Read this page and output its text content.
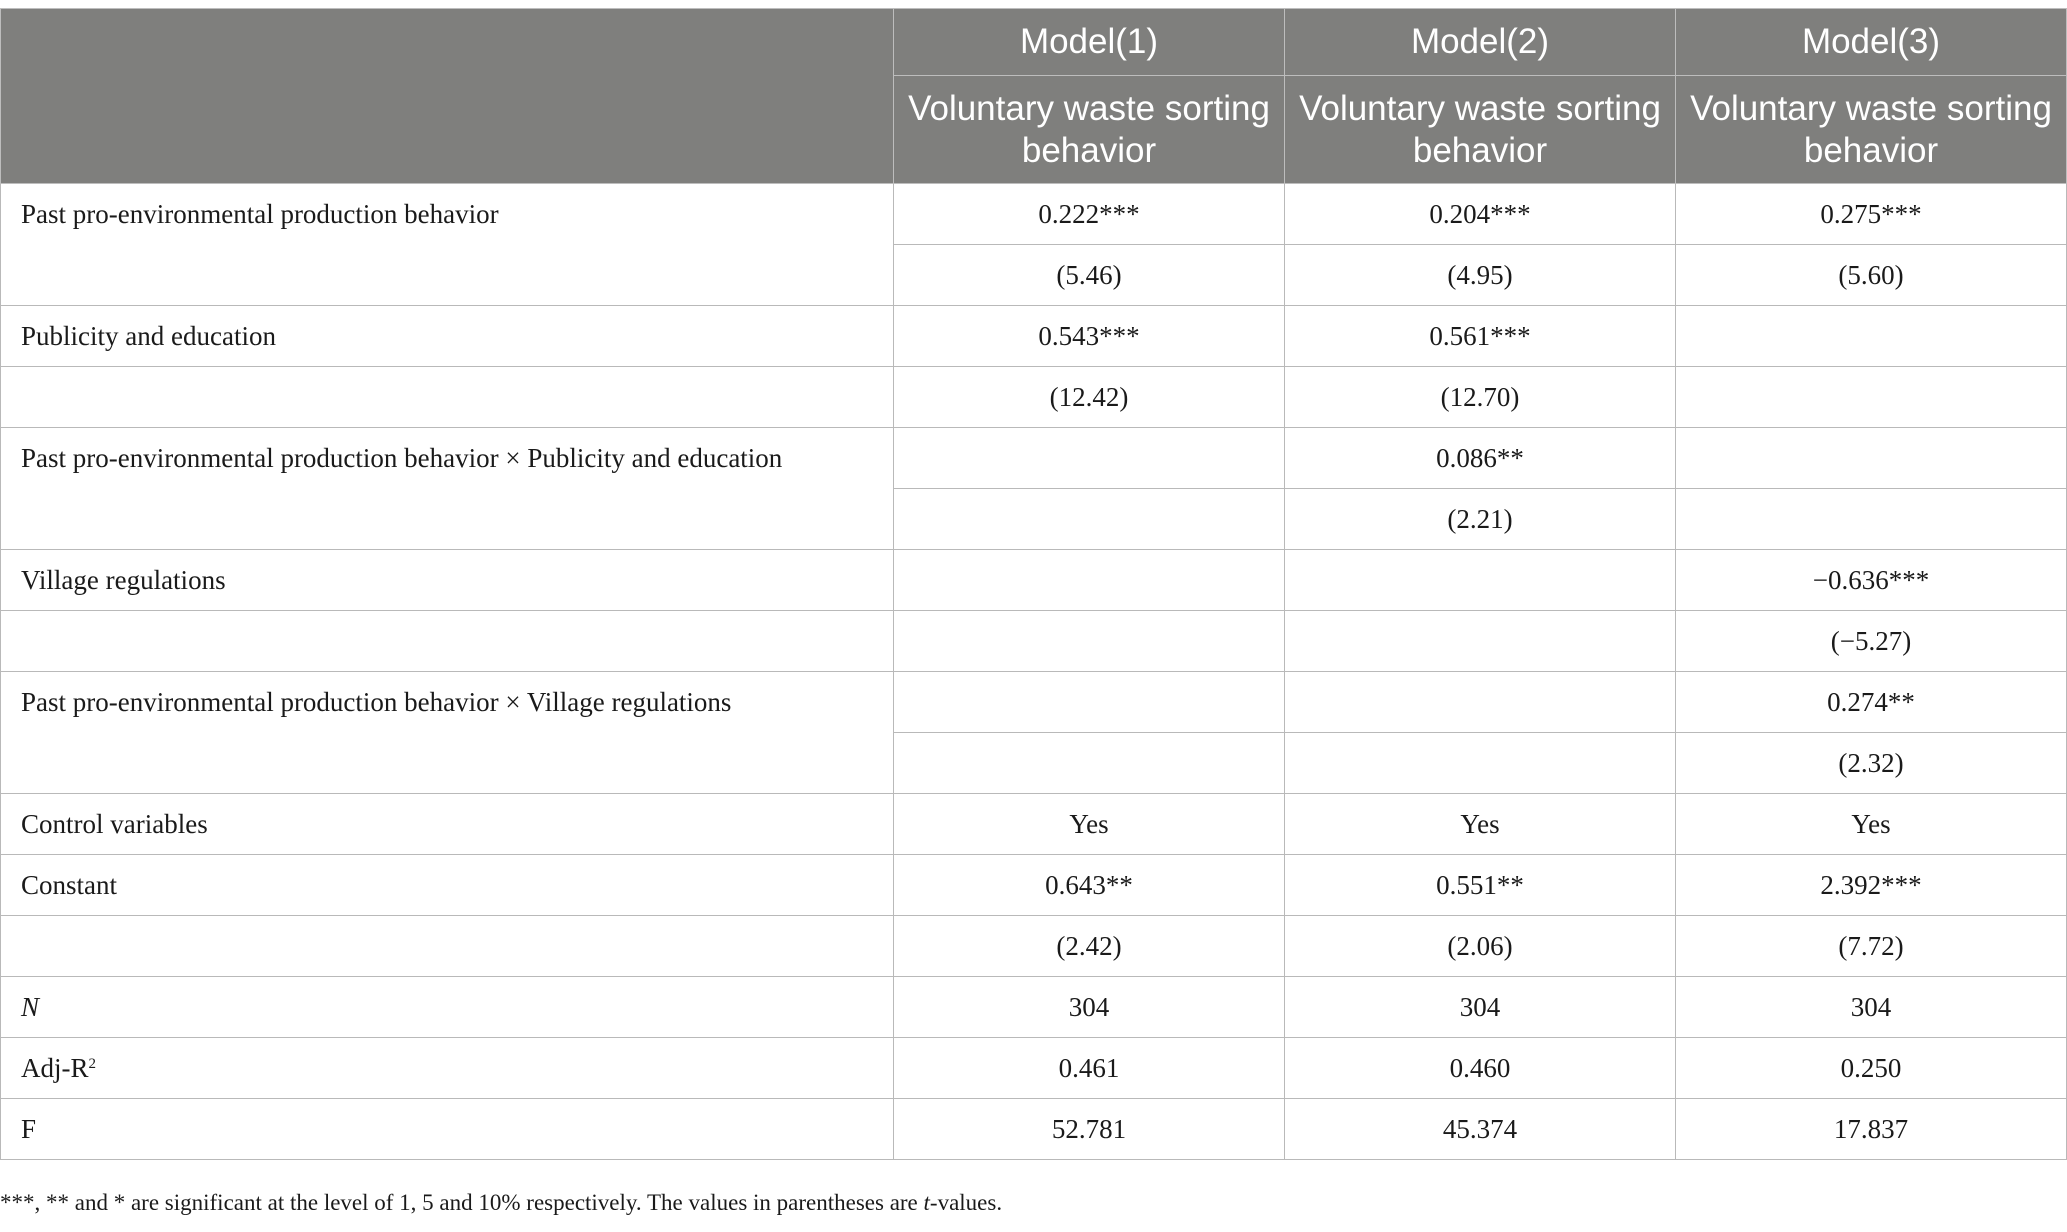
	Model(1)	Model(2)	Model(3)
	Voluntary waste sorting behavior	Voluntary waste sorting behavior	Voluntary waste sorting behavior
Past pro-environmental production behavior	0.222***	0.204***	0.275***
	(5.46)	(4.95)	(5.60)
Publicity and education	0.543***	0.561***	
	(12.42)	(12.70)	
Past pro-environmental production behavior × Publicity and education		0.086**	
		(2.21)	
Village regulations			−0.636***
			(−5.27)
Past pro-environmental production behavior × Village regulations			0.274**
			(2.32)
Control variables	Yes	Yes	Yes
Constant	0.643**	0.551**	2.392***
	(2.42)	(2.06)	(7.72)
N	304	304	304
Adj-$R^2$	0.461	0.460	0.250
F	52.781	45.374	17.837
***, ** and * are significant at the level of 1, 5 and 10% respectively. The values in parentheses are t-values.
